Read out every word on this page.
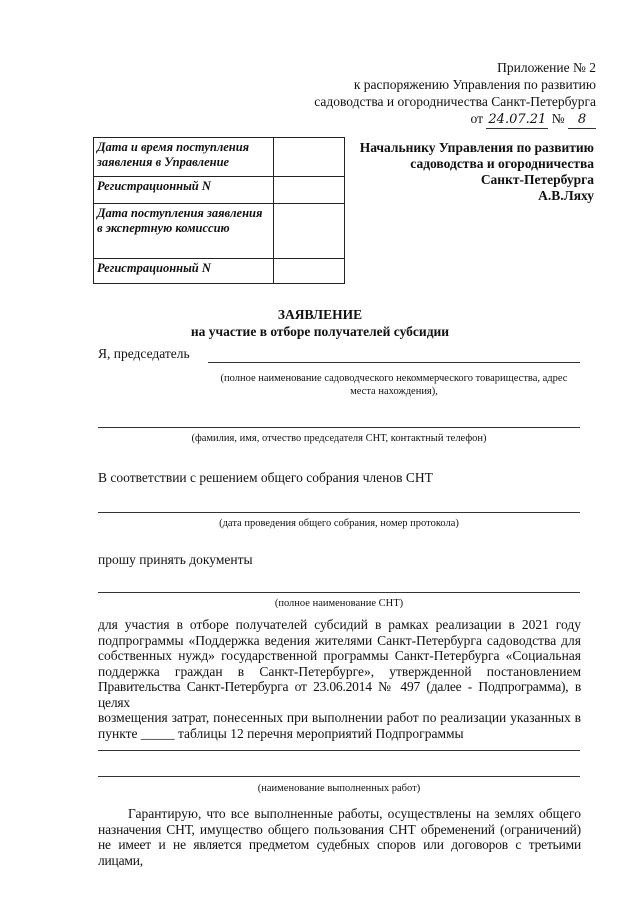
Приложение № 2
к распоряжению Управления по развитию
садоводства и огородничества Санкт-Петербурга
от 24.07.21 № 8
Дата и время поступления заявления в Управление	
Регистрационный N	
Дата поступления заявления в экспертную комиссию	
Регистрационный N	
Начальнику Управления по развитию
садоводства и огородничества
Санкт-Петербурга
А.В.Ляху
ЗАЯВЛЕНИЕ
на участие в отборе получателей субсидии
Я, председатель
(полное наименование садоводческого некоммерческого товарищества, адрес
места нахождения),
(фамилия, имя, отчество председателя СНТ, контактный телефон)
В соответствии с решением общего собрания членов СНТ
(дата проведения общего собрания, номер протокола)
прошу принять документы
(полное наименование СНТ)
для участия в отборе получателей субсидий в рамках реализации в 2021 году
подпрограммы «Поддержка ведения жителями Санкт-Петербурга садоводства для
собственных нужд» государственной программы Санкт-Петербурга «Социальная
поддержка граждан в Санкт-Петербурге», утвержденной постановлением
Правительства Санкт-Петербурга от 23.06.2014 № 497 (далее - Подпрограмма), в целях
возмещения затрат, понесенных при выполнении работ по реализации указанных в
пункте _____ таблицы 12 перечня мероприятий Подпрограммы
(наименование выполненных работ)
Гарантирую, что все выполненные работы, осуществлены на землях общего
назначения СНТ, имущество общего пользования СНТ обременений (ограничений)
не имеет и не является предметом судебных споров или договоров с третьими лицами,
